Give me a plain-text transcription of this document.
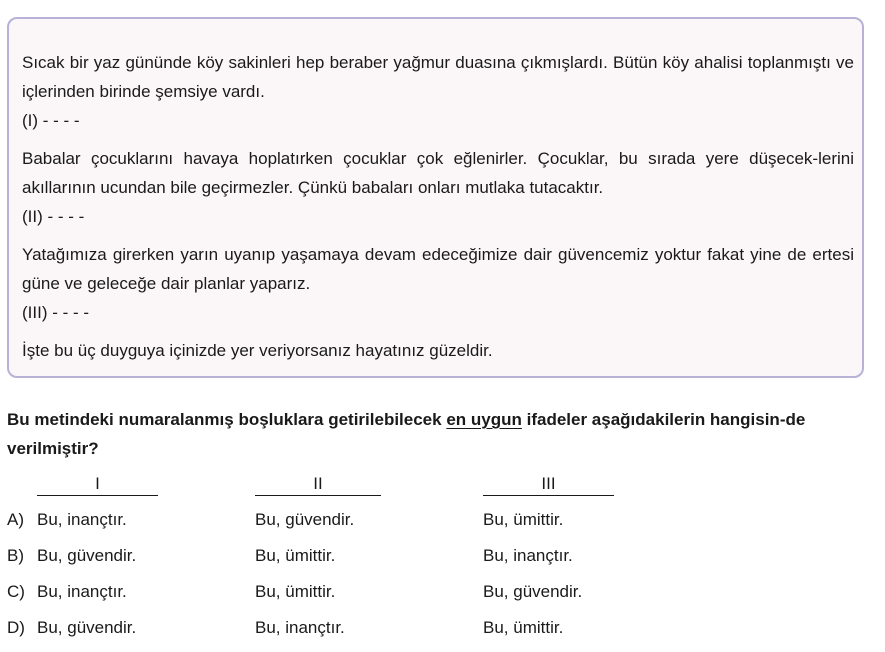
Sıcak bir yaz gününde köy sakinleri hep beraber yağmur duasına çıkmışlardı. Bütün köy ahalisi toplanmıştı ve içlerinden birinde şemsiye vardı.

(I) - - - -

Babalar çocuklarını havaya hoplatırken çocuklar çok eğlenirler. Çocuklar, bu sırada yere düşecek-lerini akıllarının ucundan bile geçirmezler. Çünkü babaları onları mutlaka tutacaktır.

(II) - - - -

Yatağımıza girerken yarın uyanıp yaşamaya devam edeceğimize dair güvencemiz yoktur fakat yine de ertesi güne ve geleceğe dair planlar yaparız.

(III) - - - -

İşte bu üç duyguya içinizde yer veriyorsanız hayatınız güzeldir.

Bu metindeki numaralanmış boşluklara getirilebilecek en uygun ifadeler aşağıdakilerin hangisin-de verilmiştir?
I	II	III
A) Bu, inançtır.	Bu, güvendir.	Bu, ümittir.
B) Bu, güvendir.	Bu, ümittir.	Bu, inançtır.
C) Bu, inançtır.	Bu, ümittir.	Bu, güvendir.
D) Bu, güvendir.	Bu, inançtır.	Bu, ümittir.
